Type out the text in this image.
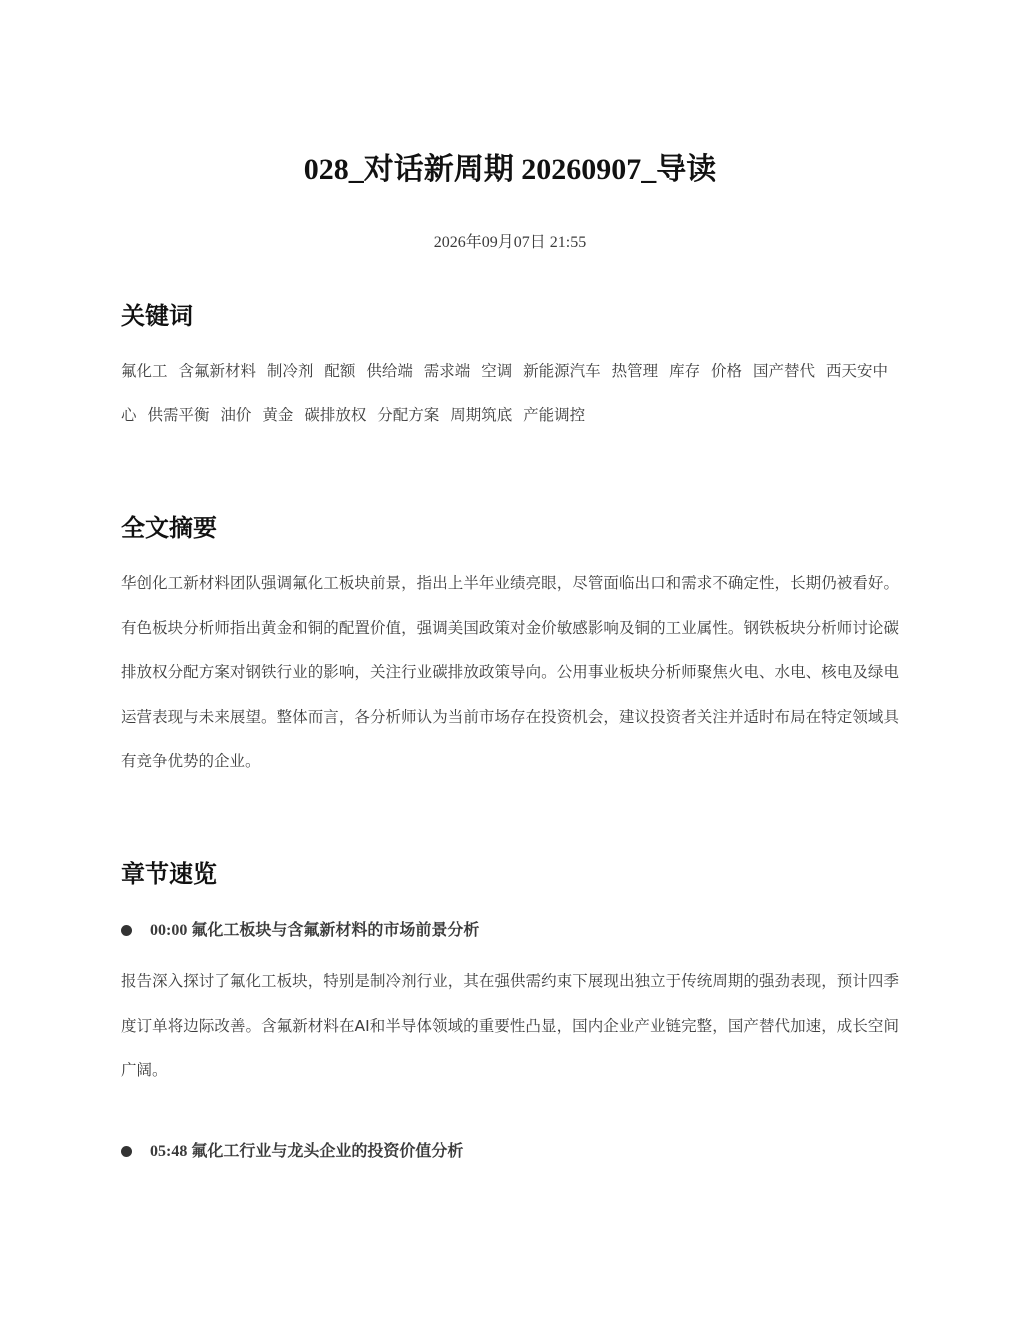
028_对话新周期 20260907_导读

2026年09月07日 21:55

关键词

氟化工 含氟新材料 制冷剂 配额 供给端 需求端 空调 新能源汽车 热管理 库存 价格 国产替代 西天安中心 供需平衡 油价 黄金 碳排放权 分配方案 周期筑底 产能调控

全文摘要

华创化工新材料团队强调氟化工板块前景，指出上半年业绩亮眼，尽管面临出口和需求不确定性，长期仍被看好。有色板块分析师指出黄金和铜的配置价值，强调美国政策对金价敏感影响及铜的工业属性。钢铁板块分析师讨论碳排放权分配方案对钢铁行业的影响，关注行业碳排放政策导向。公用事业板块分析师聚焦火电、水电、核电及绿电运营表现与未来展望。整体而言，各分析师认为当前市场存在投资机会，建议投资者关注并适时布局在特定领域具有竞争优势的企业。

章节速览
00:00 氟化工板块与含氟新材料的市场前景分析

报告深入探讨了氟化工板块，特别是制冷剂行业，其在强供需约束下展现出独立于传统周期的强劲表现，预计四季度订单将边际改善。含氟新材料在AI和半导体领域的重要性凸显，国内企业产业链完整，国产替代加速，成长空间广阔。

05:48 氟化工行业与龙头企业的投资价值分析
